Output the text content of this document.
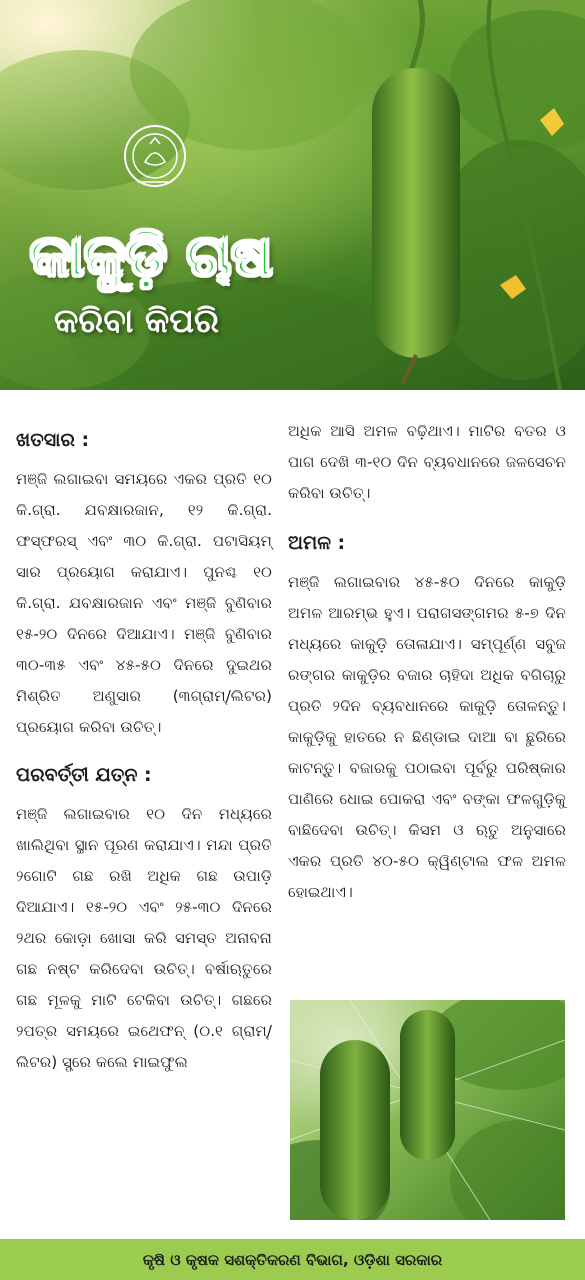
କାକୁଡ଼ି ଚାଷ
କରିବା କିପରି
ଖତସାର :

ମଞ୍ଜି ଲଗାଇବା ସମୟରେ ଏକର ପ୍ରତି ୧୦ କି.ଗ୍ରା. ଯବକ୍ଷାରଜାନ, ୧୨ କି.ଗ୍ରା. ଫସ୍‌ଫରସ୍ ଏବଂ ୩୦ କି.ଗ୍ରା. ପଟାସିୟମ୍ ସାର ପ୍ରୟୋଗ କରାଯାଏ। ପୁନଶ୍ଚ ୧୦ କି.ଗ୍ରା. ଯବକ୍ଷାରଜାନ ଏବଂ ମଞ୍ଜି ବୁଣିବାର ୧୫-୨୦ ଦିନରେ ଦିଆଯାଏ। ମଞ୍ଜି ବୁଣିବାର ୩୦-୩୫ ଏବଂ ୪୫-୫୦ ଦିନରେ ଦୁଇଥର ମିଶ୍ରିତ ଅଣୁସାର (୩ଗ୍ରାମ୍/ଲିଟର) ପ୍ରୟୋଗ କରିବା ଉଚିତ୍।

ପରବର୍ତ୍ତୀ ଯତ୍ନ :

ମଞ୍ଜି ଲଗାଇବାର ୧୦ ଦିନ ମଧ୍ୟରେ ଖାଲିଥିବା ସ୍ଥାନ ପୂରଣ କରାଯାଏ। ମନ୍ଦା ପ୍ରତି ୨ଗୋଟି ଗଛ ରଖି ଅଧିକ ଗଛ ଉପାଡ଼ି ଦିଆଯାଏ। ୧୫-୨୦ ଏବଂ ୨୫-୩୦ ଦିନରେ ୨ଥର କୋଡ଼ା ଖୋସା କରି ସମସ୍ତ ଅନାବନା ଗଛ ନଷ୍ଟ କରିଦେବା ଉଚିତ୍। ବର୍ଷାଋତୁରେ ଗଛ ମୂଳକୁ ମାଟି ଟେକିବା ଉଚିତ୍। ଗଛରେ ୨ପତ୍ର ସମୟରେ ଇଥେଫନ୍ (୦.୧ ଗ୍ରାମ୍/ଲିଟର) ସ୍ପ୍ରେ କଲେ ମାଇଫୁଲ

ଅଧିକ ଆସି ଅମଳ ବଢ଼ିଥାଏ। ମାଟିର ବତର ଓ ପାଗ ଦେଖି ୩-୧୦ ଦିନ ବ୍ୟବଧାନରେ ଜଳସେଚନ କରିବା ଉଚିତ୍।

ଅମଳ :

ମଞ୍ଜି ଲଗାଇବାର ୪୫-୫୦ ଦିନରେ କାକୁଡ଼ି ଅମଳ ଆରମ୍ଭ ହୁଏ। ପରାଗସଙ୍ଗମର ୫-୭ ଦିନ ମଧ୍ୟରେ କାକୁଡ଼ି ତୋଳାଯାଏ। ସମ୍ପୂର୍ଣ୍ଣ ସବୁଜ ରଙ୍ଗର କାକୁଡ଼ିର ବଜାର ଚାହିଦା ଅଧିକ ବଗିଚାରୁ ପ୍ରତି ୨ଦିନ ବ୍ୟବଧାନରେ କାକୁଡ଼ି ତୋଳନ୍ତୁ। କାକୁଡ଼ିକୁ ହାତରେ ନ ଛିଣ୍ଡାଇ ଦାଆ ବା ଛୁରିରେ କାଟନ୍ତୁ। ବଜାରକୁ ପଠାଇବା ପୂର୍ବରୁ ପରିଷ୍କାର ପାଣିରେ ଧୋଇ ପୋକରା ଏବଂ ବଙ୍କା ଫଳଗୁଡ଼ିକୁ ବାଛିଦେବା ଉଚିତ୍। କିସମ ଓ ଋତୁ ଅନୁସାରେ ଏକର ପ୍ରତି ୪୦-୫୦ କ୍ୱିଣ୍ଟାଲ ଫଳ ଅମଳ ହୋଇଥାଏ।

କୃଷି ଓ କୃଷକ ସଶକ୍ତିକରଣ ବିଭାଗ, ଓଡ଼ିଶା ସରକାର
